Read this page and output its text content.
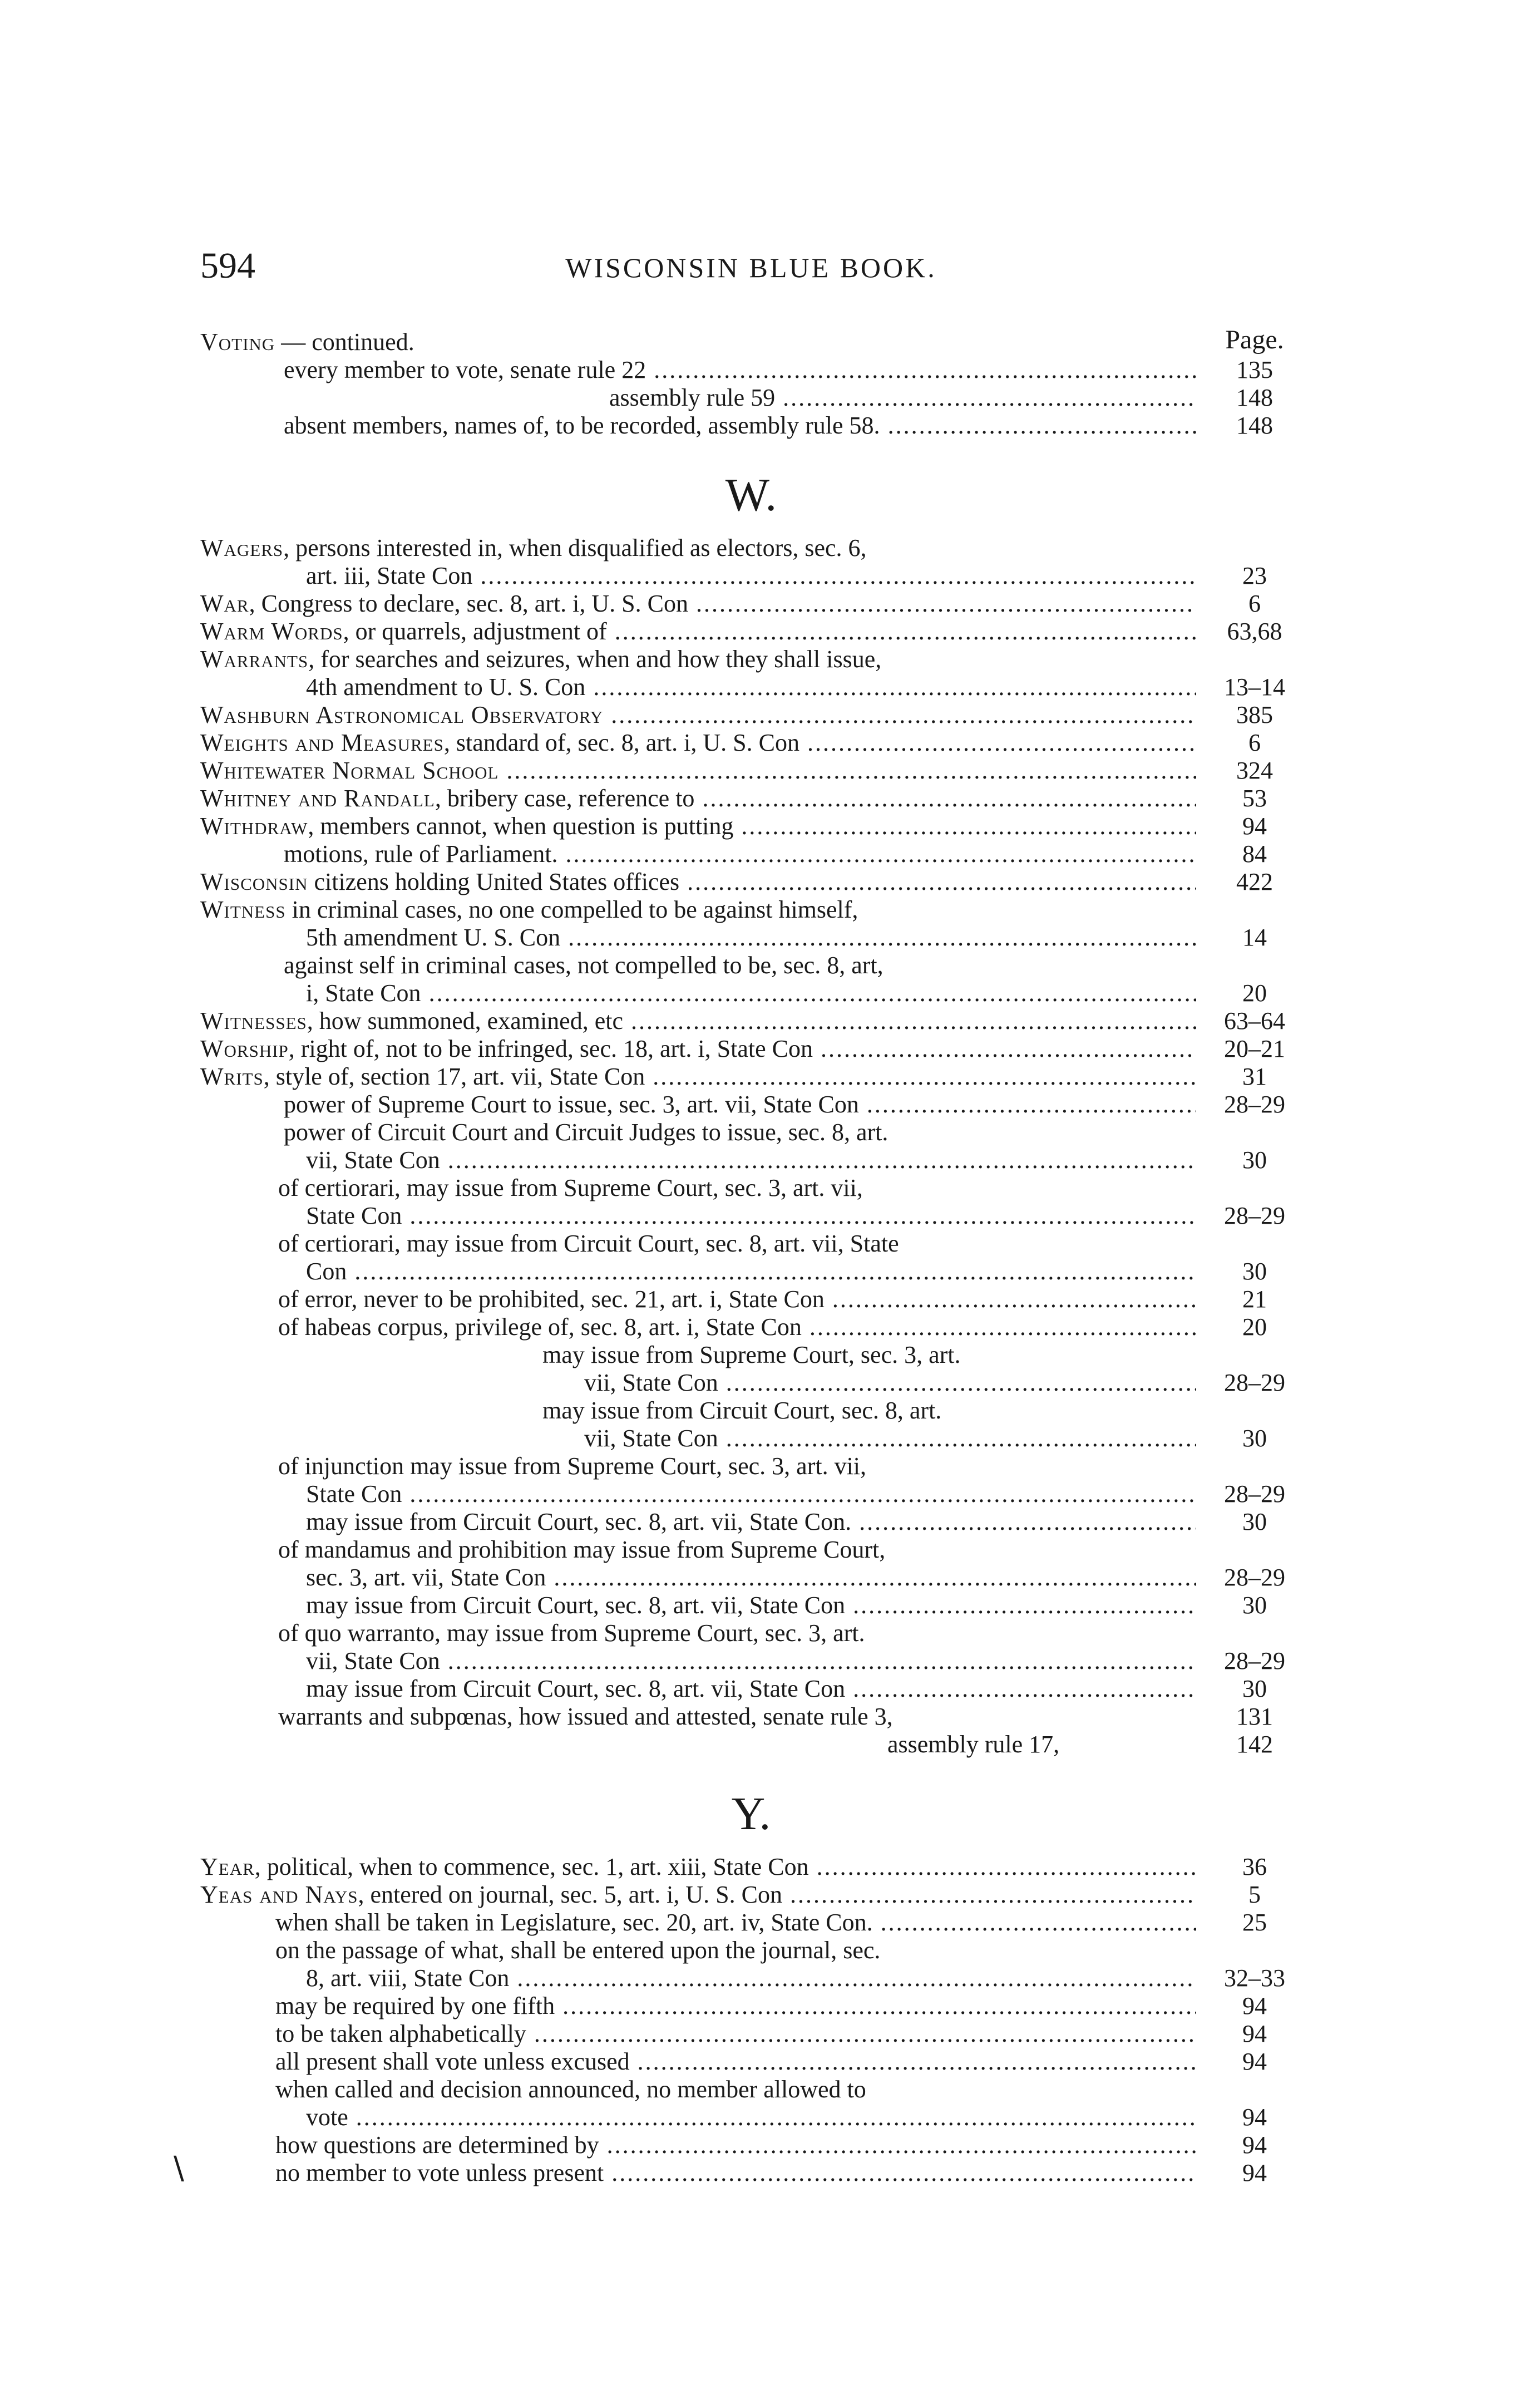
594	WISCONSIN BLUE BOOK.
Voting — continued.	Page.
every member to vote, senate rule 22 .....	135
assembly rule 59 .....	148
absent members, names of, to be recorded, assembly rule 58. .....	148
W.
Wagers, persons interested in, when disqualified as electors, sec. 6,
art. iii, State Con .....	23
War, Congress to declare, sec. 8, art. i, U. S. Con .....	6
Warm Words, or quarrels, adjustment of .....	63,68
Warrants, for searches and seizures, when and how they shall issue,
4th amendment to U. S. Con .....	13–14
Washburn Astronomical Observatory .....	385
Weights and Measures, standard of, sec. 8, art. i, U. S. Con .....	6
Whitewater Normal School .....	324
Whitney and Randall, bribery case, reference to .....	53
Withdraw, members cannot, when question is putting .....	94
motions, rule of Parliament. .....	84
Wisconsin citizens holding United States offices .....	422
Witness in criminal cases, no one compelled to be against himself,
5th amendment U. S. Con .....	14
against self in criminal cases, not compelled to be, sec. 8, art,
i, State Con .....	20
Witnesses, how summoned, examined, etc .....	63–64
Worship, right of, not to be infringed, sec. 18, art. i, State Con .....	20–21
Writs, style of, section 17, art. vii, State Con .....	31
power of Supreme Court to issue, sec. 3, art. vii, State Con .....	28–29
power of Circuit Court and Circuit Judges to issue, sec. 8, art.
vii, State Con .....	30
of certiorari, may issue from Supreme Court, sec. 3, art. vii,
State Con .....	28–29
of certiorari, may issue from Circuit Court, sec. 8, art. vii, State
Con .....	30
of error, never to be prohibited, sec. 21, art. i, State Con .....	21
of habeas corpus, privilege of, sec. 8, art. i, State Con .....	20
may issue from Supreme Court, sec. 3, art.
vii, State Con .....	28–29
may issue from Circuit Court, sec. 8, art.
vii, State Con .....	30
of injunction may issue from Supreme Court, sec. 3, art. vii,
State Con .....	28–29
may issue from Circuit Court, sec. 8, art. vii, State Con. .....	30
of mandamus and prohibition may issue from Supreme Court,
sec. 3, art. vii, State Con .....	28–29
may issue from Circuit Court, sec. 8, art. vii, State Con .....	30
of quo warranto, may issue from Supreme Court, sec. 3, art.
vii, State Con .....	28–29
may issue from Circuit Court, sec. 8, art. vii, State Con .....	30
warrants and subpœnas, how issued and attested, senate rule 3,	131
assembly rule 17,	142
Y.
Year, political, when to commence, sec. 1, art. xiii, State Con .....	36
Yeas and Nays, entered on journal, sec. 5, art. i, U. S. Con .....	5
when shall be taken in Legislature, sec. 20, art. iv, State Con. .....	25
on the passage of what, shall be entered upon the journal, sec.
8, art. viii, State Con .....	32–33
may be required by one fifth .....	94
to be taken alphabetically .....	94
all present shall vote unless excused .....	94
when called and decision announced, no member allowed to
vote .....	94
how questions are determined by .....	94
no member to vote unless present .....	94
\
